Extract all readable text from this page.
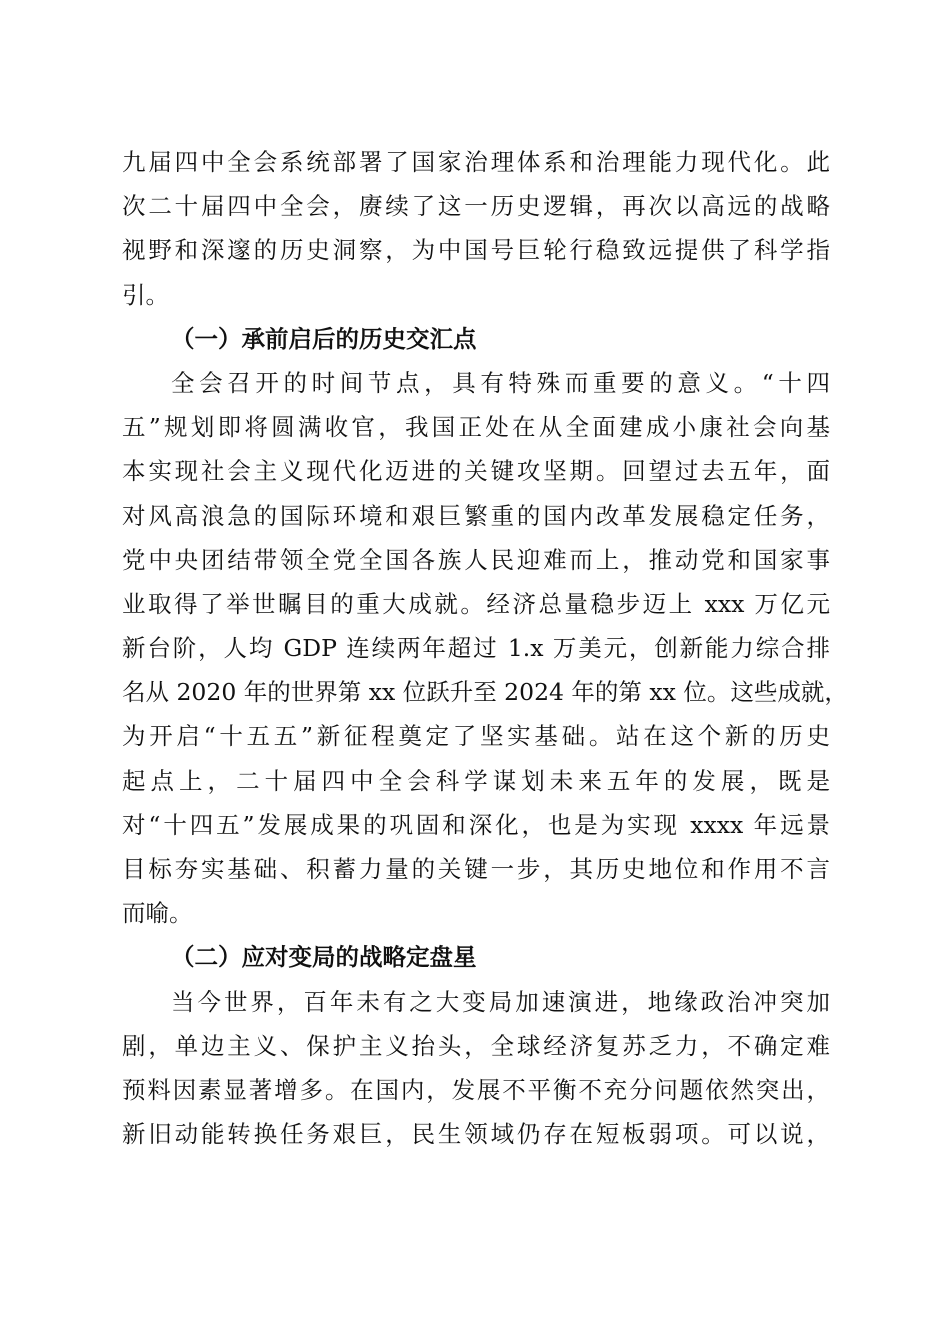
九届四中全会系统部署了国家治理体系和治理能力现代化。此
次二十届四中全会，赓续了这一历史逻辑，再次以高远的战略
视野和深邃的历史洞察，为中国号巨轮行稳致远提供了科学指
引。
（一）承前启后的历史交汇点
全会召开的时间节点，具有特殊而重要的意义。“十四
五”规划即将圆满收官，我国正处在从全面建成小康社会向基
本实现社会主义现代化迈进的关键攻坚期。回望过去五年，面
对风高浪急的国际环境和艰巨繁重的国内改革发展稳定任务，
党中央团结带领全党全国各族人民迎难而上，推动党和国家事
业取得了举世瞩目的重大成就。经济总量稳步迈上 xxx 万亿元
新台阶，人均 GDP 连续两年超过 1.x 万美元，创新能力综合排
名从 2020 年的世界第 xx 位跃升至 2024 年的第 xx 位。这些成就，
为开启“十五五”新征程奠定了坚实基础。站在这个新的历史
起点上，二十届四中全会科学谋划未来五年的发展，既是
对“十四五”发展成果的巩固和深化，也是为实现 xxxx 年远景
目标夯实基础、积蓄力量的关键一步，其历史地位和作用不言
而喻。
（二）应对变局的战略定盘星
当今世界，百年未有之大变局加速演进，地缘政治冲突加
剧，单边主义、保护主义抬头，全球经济复苏乏力，不确定难
预料因素显著增多。在国内，发展不平衡不充分问题依然突出，
新旧动能转换任务艰巨，民生领域仍存在短板弱项。可以说，
